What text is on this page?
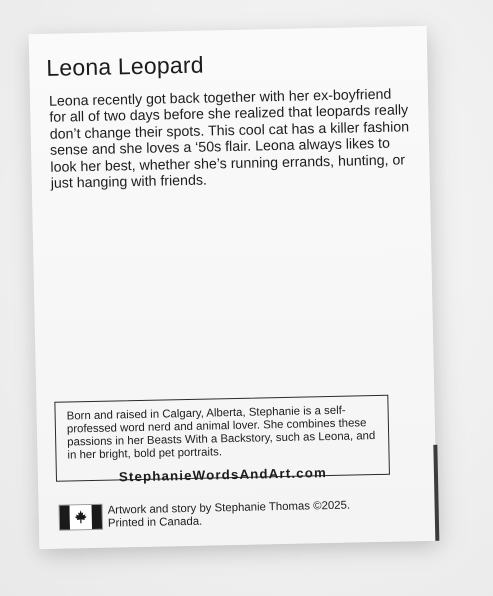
Leona Leopard
Leona recently got back together with her ex-boyfriend for all of two days before she realized that leopards really don’t change their spots. This cool cat has a killer fashion sense and she loves a ‘50s flair. Leona always likes to look her best, whether she’s running errands, hunting, or just hanging with friends.
Born and raised in Calgary, Alberta, Stephanie is a self-professed word nerd and animal lover. She combines these passions in her Beasts With a Backstory, such as Leona, and in her bright, bold pet portraits.
StephanieWordsAndArt.com
Artwork and story by Stephanie Thomas ©2025.
Printed in Canada.
